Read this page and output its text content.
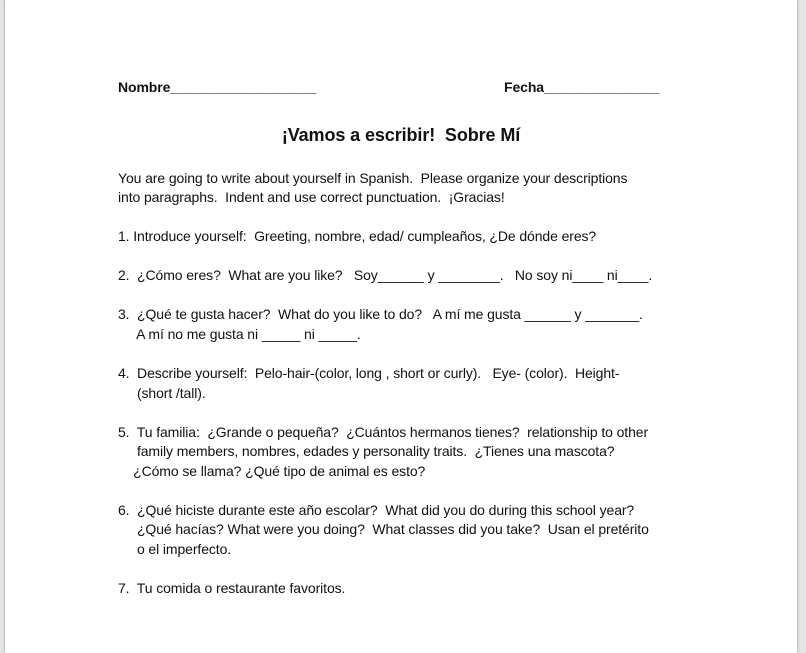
Nombre___________________	Fecha_______________
¡Vamos a escribir!  Sobre Mí
You are going to write about yourself in Spanish.  Please organize your descriptions
into paragraphs.  Indent and use correct punctuation.  ¡Gracias!
1. Introduce yourself:  Greeting, nombre, edad/ cumpleaños, ¿De dónde eres?
2.  ¿Cómo eres?  What are you like?   Soy______ y ________.   No soy ni____ ni____.
3.  ¿Qué te gusta hacer?  What do you like to do?   A mí me gusta ______ y _______.
A mí no me gusta ni _____ ni _____.
4.  Describe yourself:  Pelo-hair-(color, long , short or curly).   Eye- (color).  Height-
(short /tall).
5.  Tu familia:  ¿Grande o pequeña?  ¿Cuántos hermanos tienes?  relationship to other
family members, nombres, edades y personality traits.  ¿Tienes una mascota?
¿Cómo se llama? ¿Qué tipo de animal es esto?
6.  ¿Qué hiciste durante este año escolar?  What did you do during this school year?
¿Qué hacías? What were you doing?  What classes did you take?  Usan el pretérito
o el imperfecto.
7.  Tu comida o restaurante favoritos.
